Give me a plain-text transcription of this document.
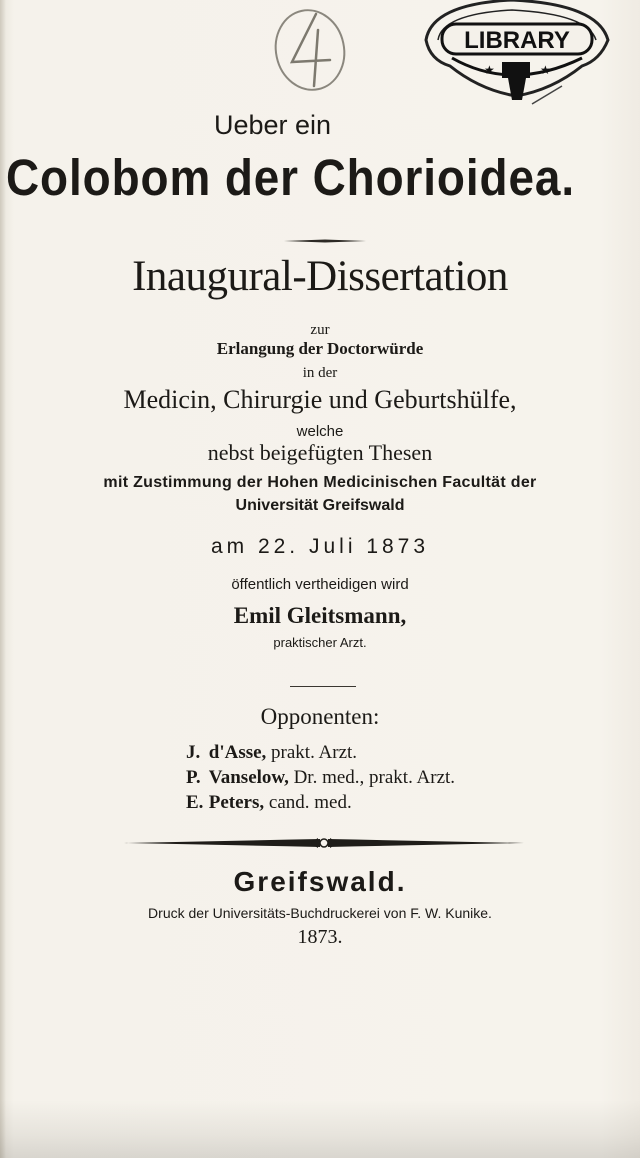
LIBRARY
★	★
Ueber ein
Colobom der Chorioidea.
Inaugural-Dissertation
zur
Erlangung der Doctorwürde
in der
Medicin, Chirurgie und Geburtshülfe,
welche
nebst beigefügten Thesen
mit Zustimmung der Hohen Medicinischen Facultät der
Universität Greifswald
am 22. Juli 1873
öffentlich vertheidigen wird
Emil Gleitsmann,
praktischer Arzt.
Opponenten:
J. d'Asse, prakt. Arzt.
P. Vanselow, Dr. med., prakt. Arzt.
E. Peters, cand. med.
Greifswald.
Druck der Universitäts-Buchdruckerei von F. W. Kunike.
1873.
